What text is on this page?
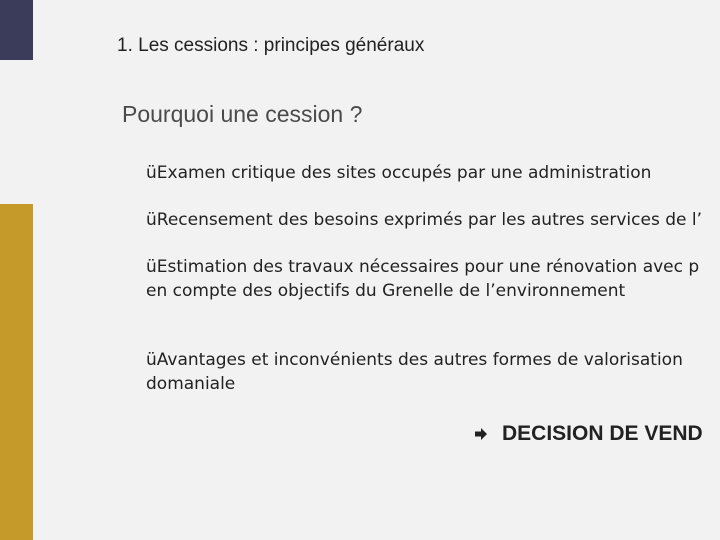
1. Les cessions : principes généraux
Pourquoi une cession ?
üExamen critique des sites occupés par une administration
üRecensement des besoins exprimés par les autres services de l’
üEstimation des travaux nécessaires pour une rénovation avec p
en compte des objectifs du Grenelle de l’environnement
üAvantages et inconvénients des autres formes de valorisation
domaniale
DECISION DE VEND
